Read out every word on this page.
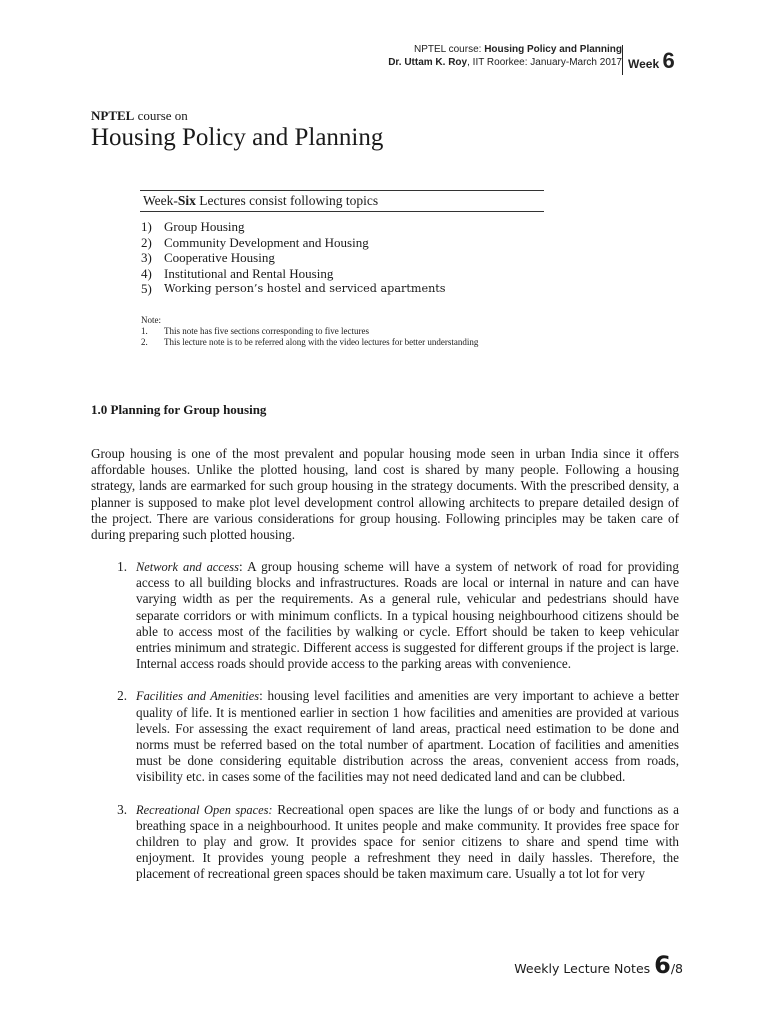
NPTEL course: Housing Policy and Planning
Dr. Uttam K. Roy, IIT Roorkee: January-March 2017 Week 6
NPTEL course on
Housing Policy and Planning
Week-Six Lectures consist following topics
1) Group Housing
2) Community Development and Housing
3) Cooperative Housing
4) Institutional and Rental Housing
5)	Working person’s hostel and serviced apartments
Note:
1.	This note has five sections corresponding to five lectures
2.	This lecture note is to be referred along with the video lectures for better understanding
1.0 Planning for Group housing
Group housing is one of the most prevalent and popular housing mode seen in urban India since it offers affordable houses. Unlike the plotted housing, land cost is shared by many people. Following a housing strategy, lands are earmarked for such group housing in the strategy documents. With the prescribed density, a planner is supposed to make plot level development control allowing architects to prepare detailed design of the project. There are various considerations for group housing. Following principles may be taken care of during preparing such plotted housing.
1. Network and access: A group housing scheme will have a system of network of road for providing access to all building blocks and infrastructures. Roads are local or internal in nature and can have varying width as per the requirements. As a general rule, vehicular and pedestrians should have separate corridors or with minimum conflicts. In a typical housing neighbourhood citizens should be able to access most of the facilities by walking or cycle. Effort should be taken to keep vehicular entries minimum and strategic. Different access is suggested for different groups if the project is large. Internal access roads should provide access to the parking areas with convenience.
2. Facilities and Amenities: housing level facilities and amenities are very important to achieve a better quality of life. It is mentioned earlier in section 1 how facilities and amenities are provided at various levels. For assessing the exact requirement of land areas, practical need estimation to be done and norms must be referred based on the total number of apartment. Location of facilities and amenities must be done considering equitable distribution across the areas, convenient access from roads, visibility etc. in cases some of the facilities may not need dedicated land and can be clubbed.
3. Recreational Open spaces: Recreational open spaces are like the lungs of or body and functions as a breathing space in a neighbourhood. It unites people and make community. It provides free space for children to play and grow. It provides space for senior citizens to share and spend time with enjoyment. It provides young people a refreshment they need in daily hassles. Therefore, the placement of recreational green spaces should be taken maximum care. Usually a tot lot for very
Weekly Lecture Notes 6/8
